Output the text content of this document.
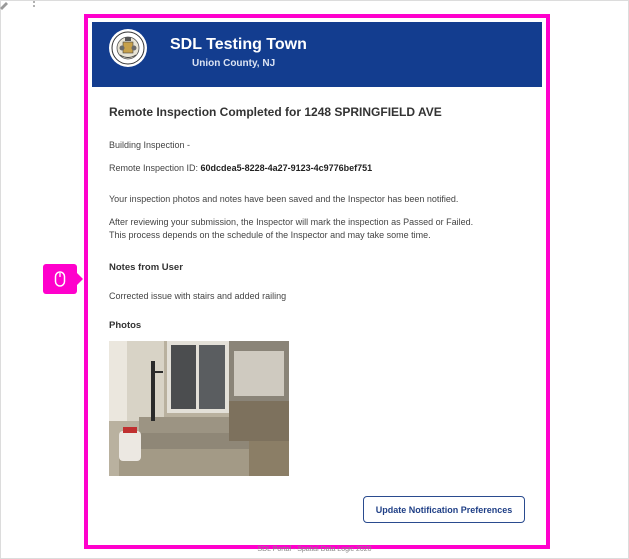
SDL Testing Town
Union County, NJ
Remote Inspection Completed for 1248 SPRINGFIELD AVE
Building Inspection -
Remote Inspection ID: 60dcdea5-8228-4a27-9123-4c9776bef751
Your inspection photos and notes have been saved and the Inspector has been notified.
After reviewing your submission, the Inspector will mark the inspection as Passed or Failed.
This process depends on the schedule of the Inspector and may take some time.
Notes from User
Corrected issue with stairs and added railing
Photos
Update Notification Preferences
SDL Portal - Spatial Data Logic 2020
